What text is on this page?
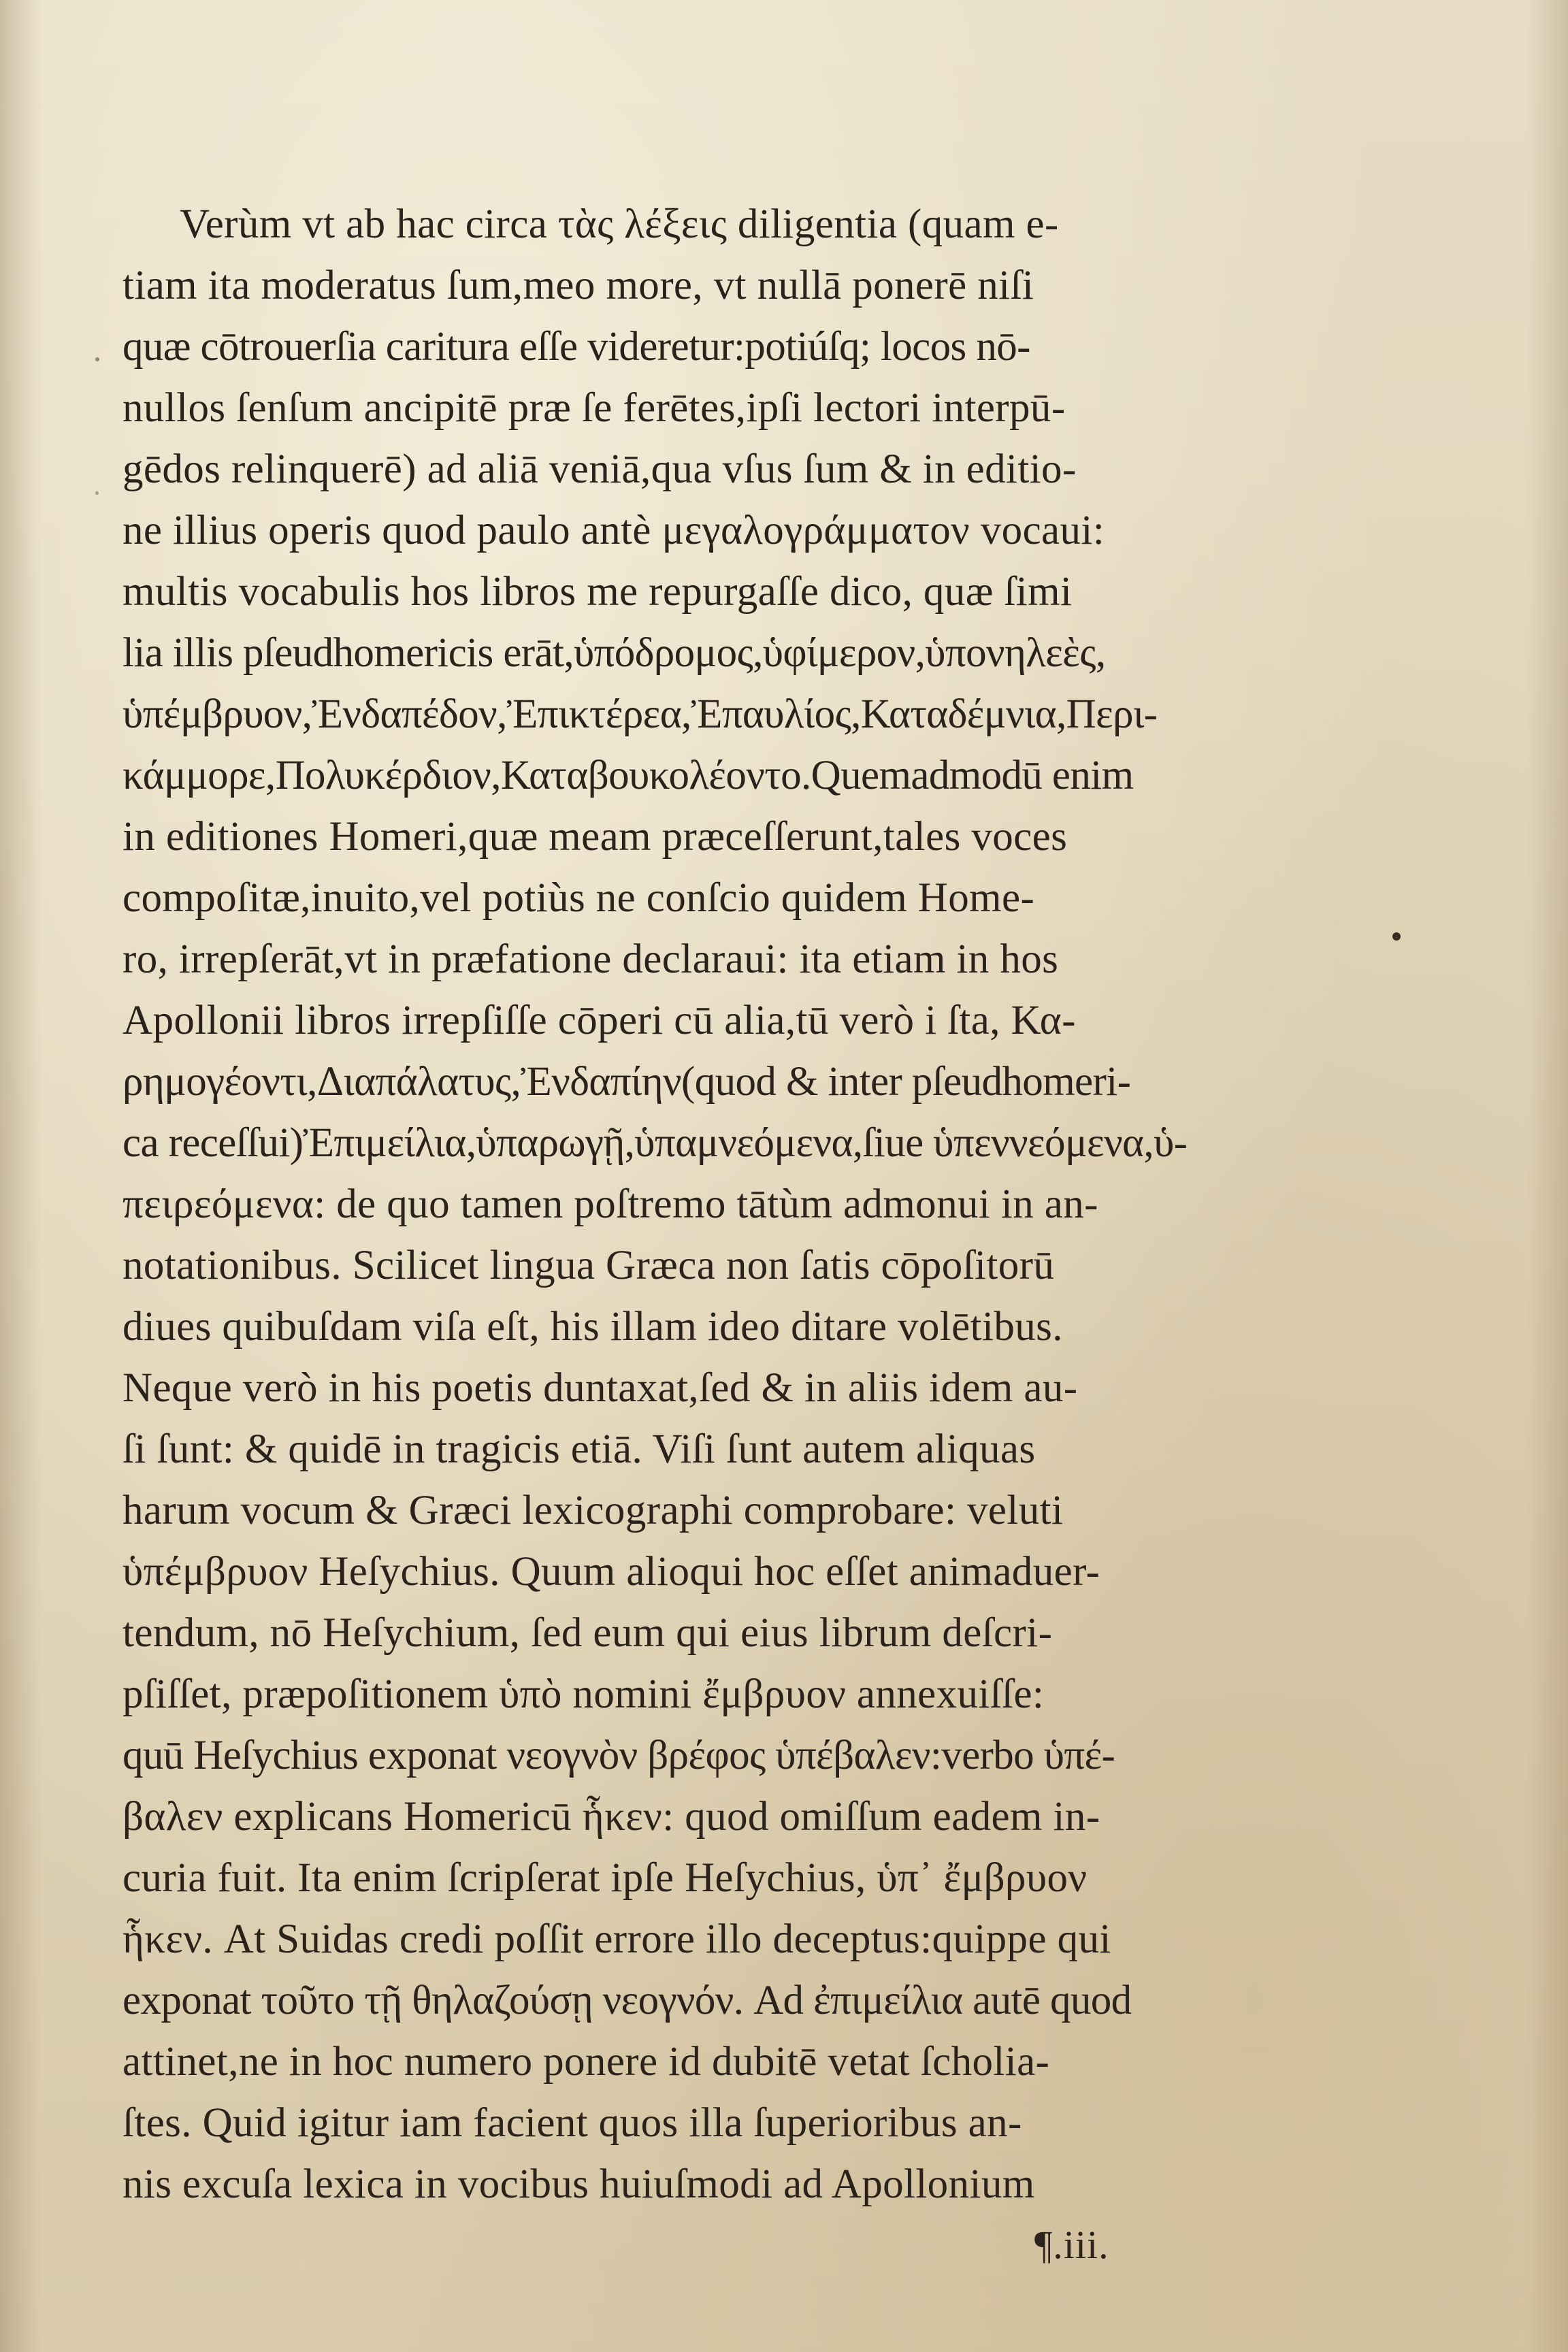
Verùm vt ab hac circa τὰς λέξεις diligentia (quam e-
tiam ita moderatus ſum,meo more, vt nullā ponerē niſi
quæ cōtrouerſia caritura eſſe videretur:potiúſq; locos nō-
nullos ſenſum ancipitē præ ſe ferētes,ipſi lectori interpū-
gēdos relinquerē) ad aliā veniā,qua vſus ſum & in editio-
ne illius operis quod paulo antè μεγαλογράμματον vocaui:
multis vocabulis hos libros me repurgaſſe dico, quæ ſimi
lia illis pſeudhomericis erāt,ὑπόδρομος,ὑφίμερον,ὑπονηλεὲς,
ὑπέμβρυον,Ἐνδαπέδον,Ἐπικτέρεα,Ἐπαυλίος,Καταδέμνια,Περι-
κάμμορε,Πολυκέρδιον,Καταβουκολέοντο.Quemadmodū enim
in editiones Homeri,quæ meam præceſſerunt,tales voces
compoſitæ,inuito,vel potiùs ne conſcio quidem Home-
ro, irrepſerāt,vt in præfatione declaraui: ita etiam in hos
Apollonii libros irrepſiſſe cōperi cū alia,tū verò i ſta, Κα-
ρημογέοντι,Διαπάλατυς,Ἐνδαπίην(quod & inter pſeudhomeri-
ca receſſui)Ἐπιμείλια,ὑπαρωγῇ,ὑπαμνεόμενα,ſiue ὑπεννεόμενα,ὑ-
πειρεόμενα: de quo tamen poſtremo tātùm admonui in an-
notationibus. Scilicet lingua Græca non ſatis cōpoſitorū
diues quibuſdam viſa eſt, his illam ideo ditare volētibus.
Neque verò in his poetis duntaxat,ſed & in aliis idem au-
ſi ſunt: & quidē in tragicis etiā. Viſi ſunt autem aliquas
harum vocum & Græci lexicographi comprobare: veluti
ὑπέμβρυον Heſychius. Quum alioqui hoc eſſet animaduer-
tendum, nō Heſychium, ſed eum qui eius librum deſcri-
pſiſſet, præpoſitionem ὑπὸ nomini ἔμβρυον annexuiſſe:
quū Heſychius exponat νεογνὸν βρέφος ὑπέβαλεν:verbo ὑπέ-
βαλεν explicans Homericū ἧκεν: quod omiſſum eadem in-
curia fuit. Ita enim ſcripſerat ipſe Heſychius, ὑπ᾽ ἔμβρυον
ἧκεν. At Suidas credi poſſit errore illo deceptus:quippe qui
exponat τοῦτο τῇ θηλαζούσῃ νεογνόν. Ad ἐπιμείλια autē quod
attinet,ne in hoc numero ponere id dubitē vetat ſcholia-
ſtes. Quid igitur iam facient quos illa ſuperioribus an-
nis excuſa lexica in vocibus huiuſmodi ad Apollonium
¶.iii.
